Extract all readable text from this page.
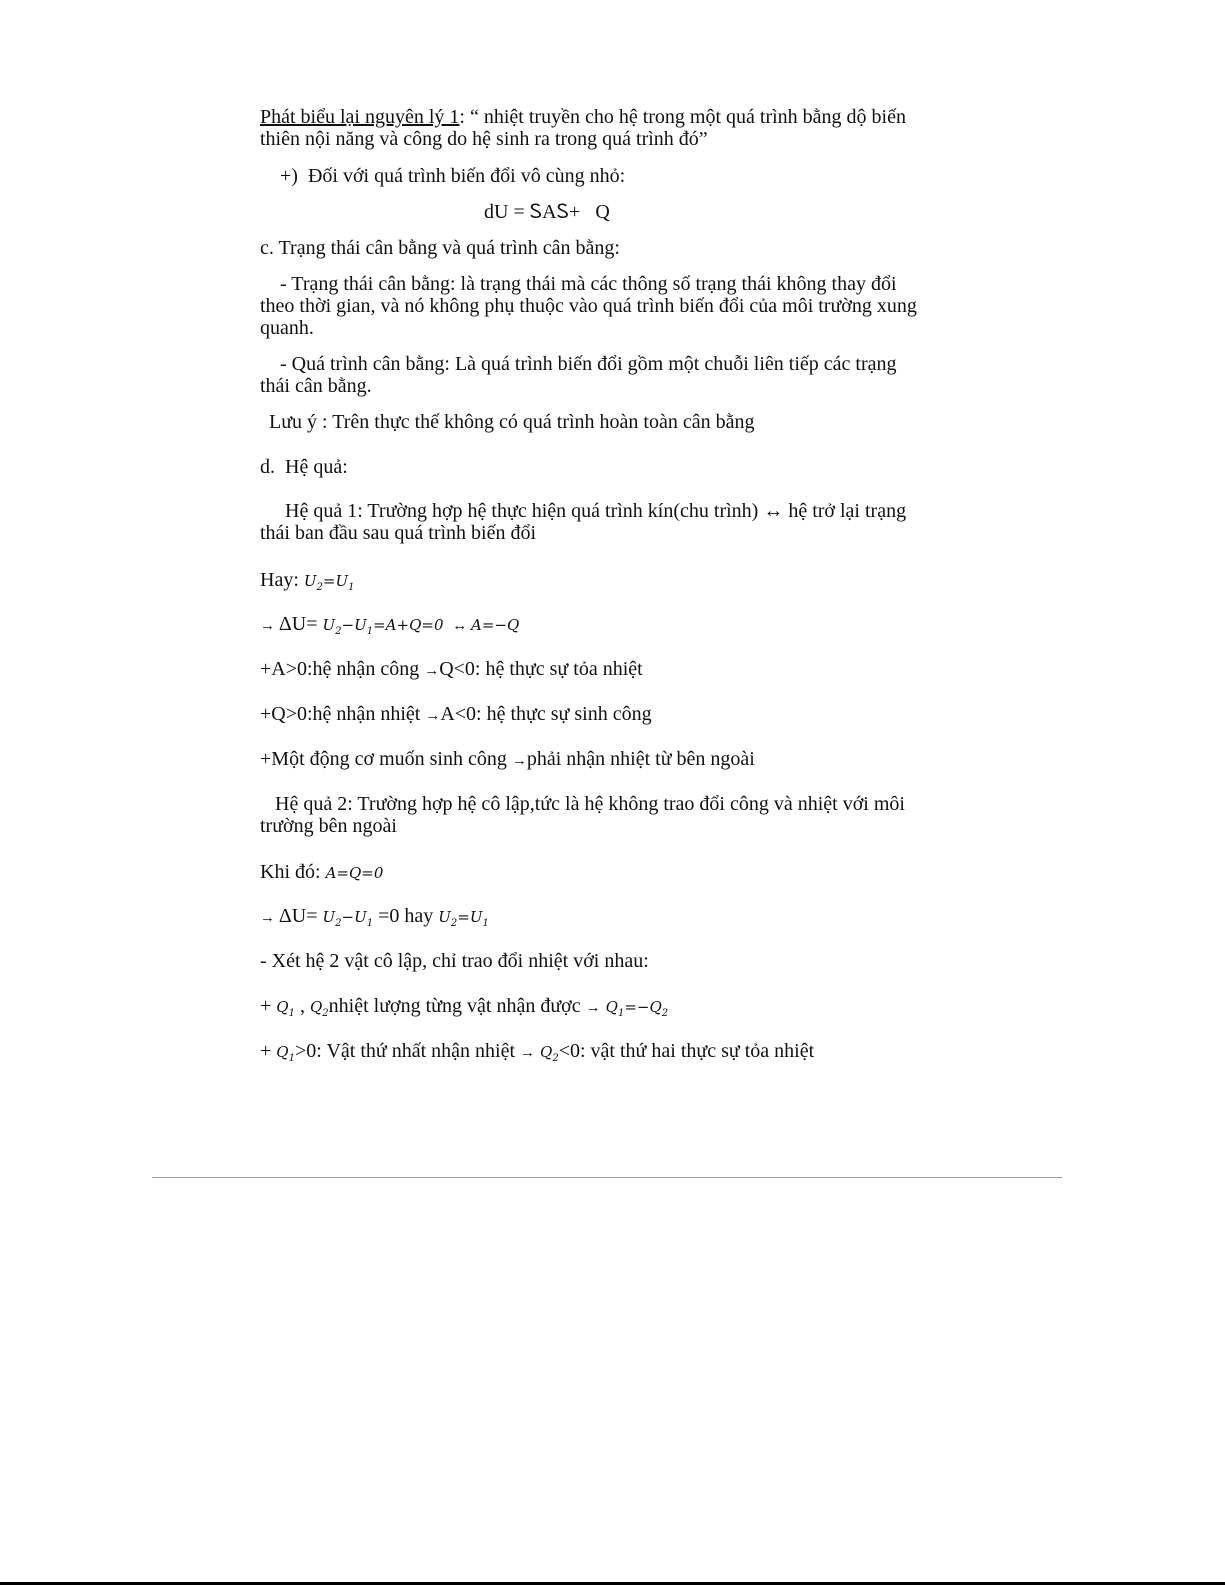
Phát biểu lại nguyên lý 1: “ nhiệt truyền cho hệ trong một quá trình bằng dộ biến
thiên nội năng và công do hệ sinh ra trong quá trình đó”
+)  Đối với quá trình biến đổi vô cùng nhỏ:
dU = ᏚAᏚ+   Q
c. Trạng thái cân bằng và quá trình cân bằng:
- Trạng thái cân bằng: là trạng thái mà các thông số trạng thái không thay đổi
theo thời gian, và nó không phụ thuộc vào quá trình biến đổi của môi trường xung
quanh.
- Quá trình cân bằng: Là quá trình biến đổi gồm một chuỗi liên tiếp các trạng
thái cân bằng.
Lưu ý : Trên thực thế không có quá trình hoàn toàn cân bằng
d.  Hệ quả:
Hệ quả 1: Trường hợp hệ thực hiện quá trình kín(chu trình) ↔ hệ trở lại trạng
thái ban đầu sau quá trình biến đổi
Hay: $U_2=U_1$
→ $\Delta U= U_2-U_1=A+Q=0$  ↔ A=−Q
+A>0:hệ nhận công →Q<0: hệ thực sự tỏa nhiệt
+Q>0:hệ nhận nhiệt →A<0: hệ thực sự sinh công
+Một động cơ muốn sinh công →phải nhận nhiệt từ bên ngoài
Hệ quả 2: Trường hợp hệ cô lập,tức là hệ không trao đổi công và nhiệt với môi
trường bên ngoài
Khi đó: A=Q=0
→ $\Delta U= U_2-U_1 =0$ hay $U_2=U_1$
- Xét hệ 2 vật cô lập, chỉ trao đổi nhiệt với nhau:
+ $Q_1$ , $Q_2nhiệt$ lượng từng vật nhận được → $Q_1=-Q_2$
+ $Q_1>0$: Vật thứ nhất nhận nhiệt → $Q_2<0$: vật thứ hai thực sự tỏa nhiệt
